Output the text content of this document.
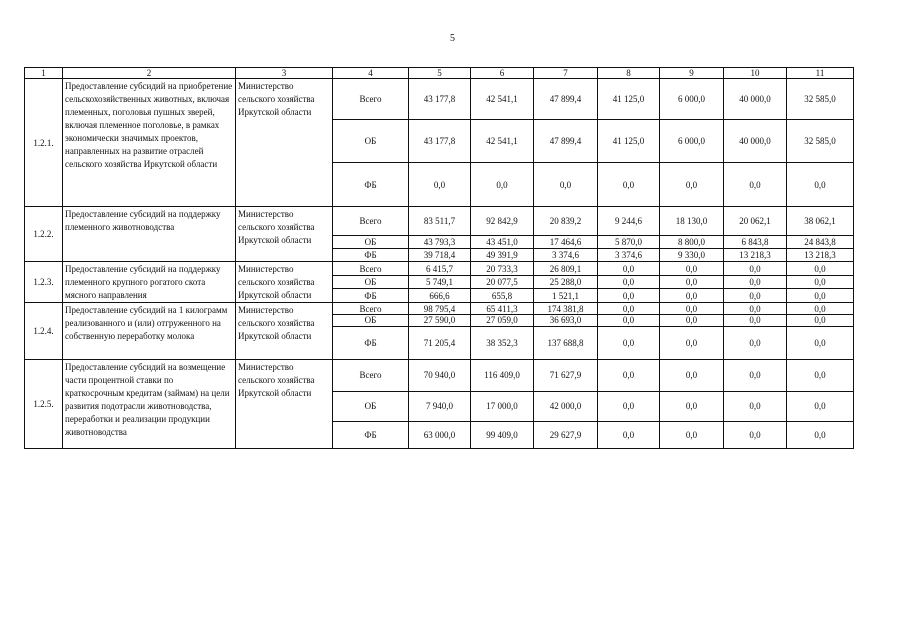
5
1	2	3	4	5	6	7	8	9	10	11
1.2.1.	Предоставление субсидий на приобретение сельскохозяйственных животных, включая племенных, поголовья пушных зверей, включая племенное поголовье, в рамках экономически значимых проектов, направленных на развитие отраслей сельского хозяйства Иркутской области	Министерство сельского хозяйства Иркутской области	Всего	43 177,8	42 541,1	47 899,4	41 125,0	6 000,0	40 000,0	32 585,0
			ОБ	43 177,8	42 541,1	47 899,4	41 125,0	6 000,0	40 000,0	32 585,0
			ФБ	0,0	0,0	0,0	0,0	0,0	0,0	0,0
1.2.2.	Предоставление субсидий на поддержку племенного животноводства	Министерство сельского хозяйства Иркутской области	Всего	83 511,7	92 842,9	20 839,2	9 244,6	18 130,0	20 062,1	38 062,1
			ОБ	43 793,3	43 451,0	17 464,6	5 870,0	8 800,0	6 843,8	24 843,8
			ФБ	39 718,4	49 391,9	3 374,6	3 374,6	9 330,0	13 218,3	13 218,3
1.2.3.	Предоставление субсидий на поддержку племенного крупного рогатого скота мясного направления	Министерство сельского хозяйства Иркутской области	Всего	6 415,7	20 733,3	26 809,1	0,0	0,0	0,0	0,0
			ОБ	5 749,1	20 077,5	25 288,0	0,0	0,0	0,0	0,0
			ФБ	666,6	655,8	1 521,1	0,0	0,0	0,0	0,0
1.2.4.	Предоставление субсидий на 1 килограмм реализованного и (или) отгруженного на собственную переработку молока	Министерство сельского хозяйства Иркутской области	Всего	98 795,4	65 411,3	174 381,8	0,0	0,0	0,0	0,0
			ОБ	27 590,0	27 059,0	36 693,0	0,0	0,0	0,0	0,0
			ФБ	71 205,4	38 352,3	137 688,8	0,0	0,0	0,0	0,0
1.2.5.	Предоставление субсидий на возмещение части процентной ставки по краткосрочным кредитам (займам) на цели развития подотрасли животноводства, переработки и реализации продукции животноводства	Министерство сельского хозяйства Иркутской области	Всего	70 940,0	116 409,0	71 627,9	0,0	0,0	0,0	0,0
			ОБ	7 940,0	17 000,0	42 000,0	0,0	0,0	0,0	0,0
			ФБ	63 000,0	99 409,0	29 627,9	0,0	0,0	0,0	0,0
